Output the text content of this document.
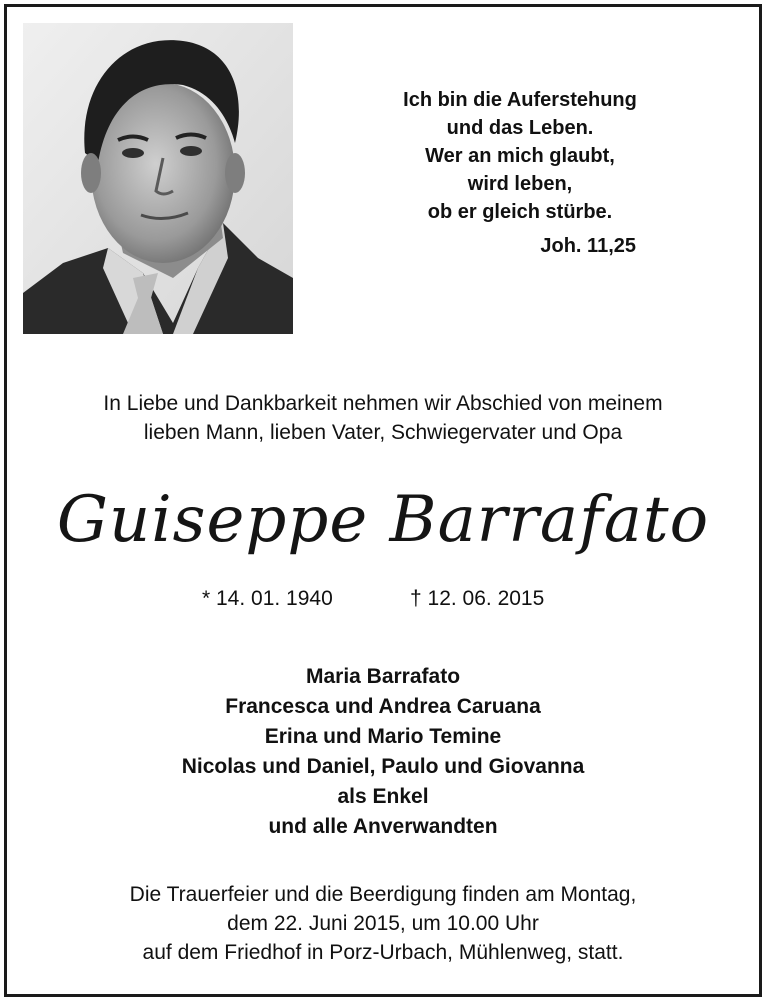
Ich bin die Auferstehung
und das Leben.
Wer an mich glaubt,
wird leben,
ob er gleich stürbe.
Joh. 11,25
In Liebe und Dankbarkeit nehmen wir Abschied von meinem
lieben Mann, lieben Vater, Schwiegervater und Opa
Guiseppe Barrafato
* 14. 01. 1940	† 12. 06. 2015
Maria Barrafato
Francesca und Andrea Caruana
Erina und Mario Temine
Nicolas und Daniel, Paulo und Giovanna
als Enkel
und alle Anverwandten
Die Trauerfeier und die Beerdigung finden am Montag,
dem 22. Juni 2015, um 10.00 Uhr
auf dem Friedhof in Porz-Urbach, Mühlenweg, statt.
